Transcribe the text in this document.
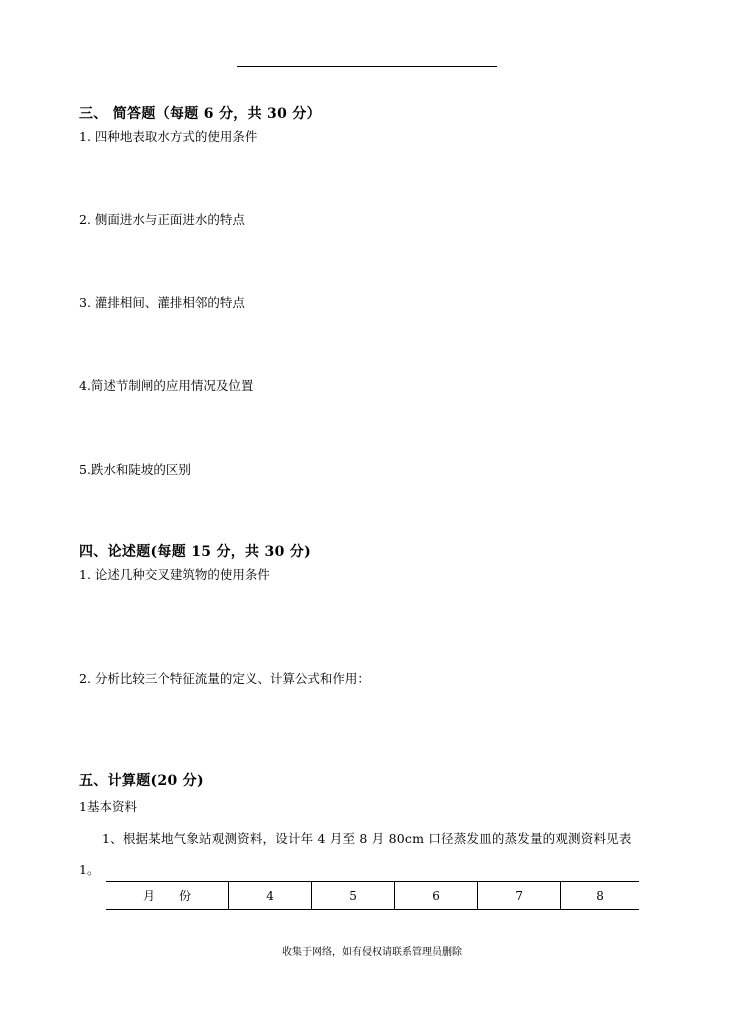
三、 简答题（每题 6 分，共 30 分）
1. 四种地表取水方式的使用条件
2. 侧面进水与正面进水的特点
3. 灌排相间、灌排相邻的特点
4.简述节制闸的应用情况及位置
5.跌水和陡坡的区别
四、论述题(每题 15 分，共 30 分)
1. 论述几种交叉建筑物的使用条件
2. 分析比较三个特征流量的定义、计算公式和作用：
五、计算题(20 分)
1基本资料
1、根据某地气象站观测资料，设计年 4 月至 8 月 80cm 口径蒸发皿的蒸发量的观测资料见表
1。
月　　份	4	5	6	7	8
收集于网络，如有侵权请联系管理员删除
